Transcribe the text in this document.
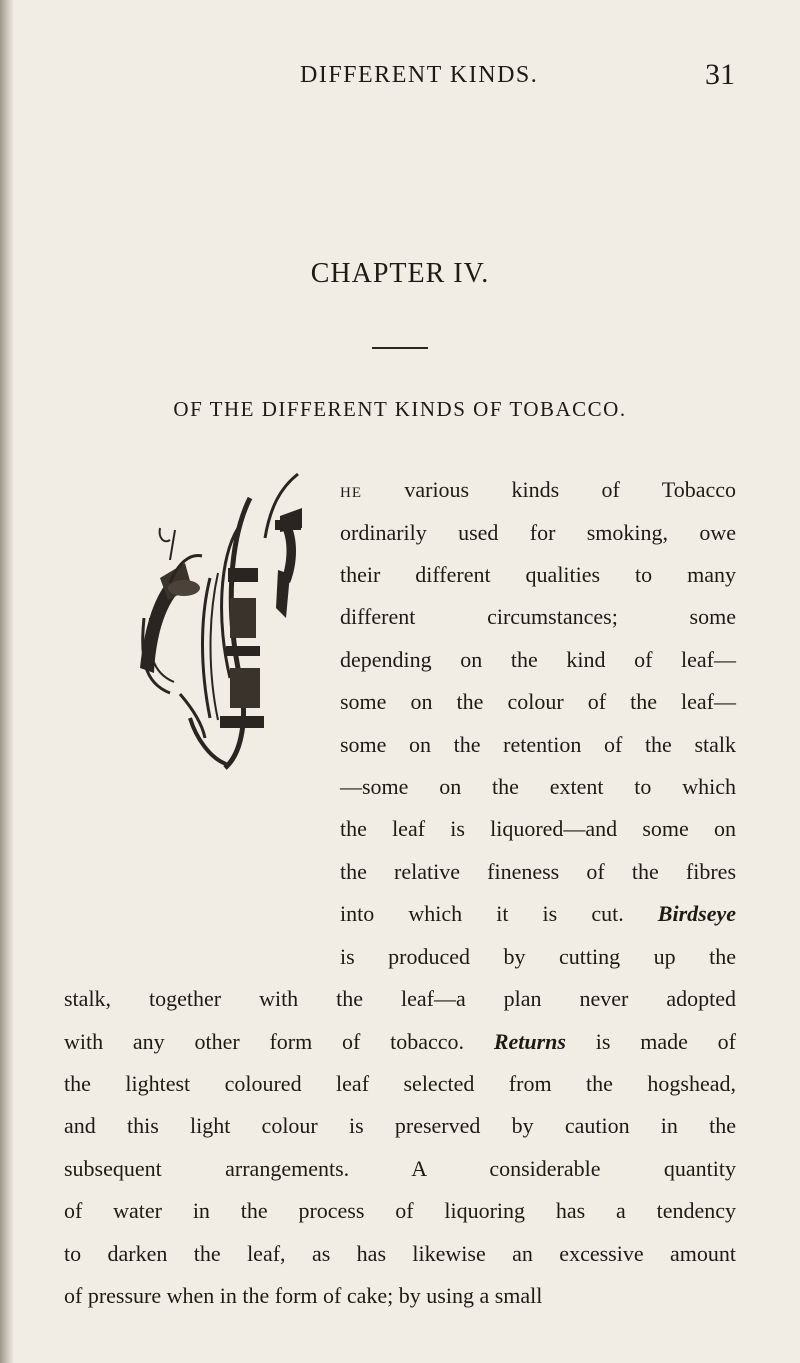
DIFFERENT KINDS.	31
CHAPTER IV.
OF THE DIFFERENT KINDS OF TOBACCO.
HE various kinds of Tobacco
ordinarily used for smoking, owe
their different qualities to many
different circumstances; some
depending on the kind of leaf—
some on the colour of the leaf—
some on the retention of the stalk
—some on the extent to which
the leaf is liquored—and some on
the relative fineness of the fibres
into which it is cut. Birdseye
is produced by cutting up the
stalk, together with the leaf—a plan never adopted
with any other form of tobacco. Returns is made of
the lightest coloured leaf selected from the hogshead,
and this light colour is preserved by caution in the
subsequent arrangements. A considerable quantity
of water in the process of liquoring has a tendency
to darken the leaf, as has likewise an excessive amount
of pressure when in the form of cake; by using a small
